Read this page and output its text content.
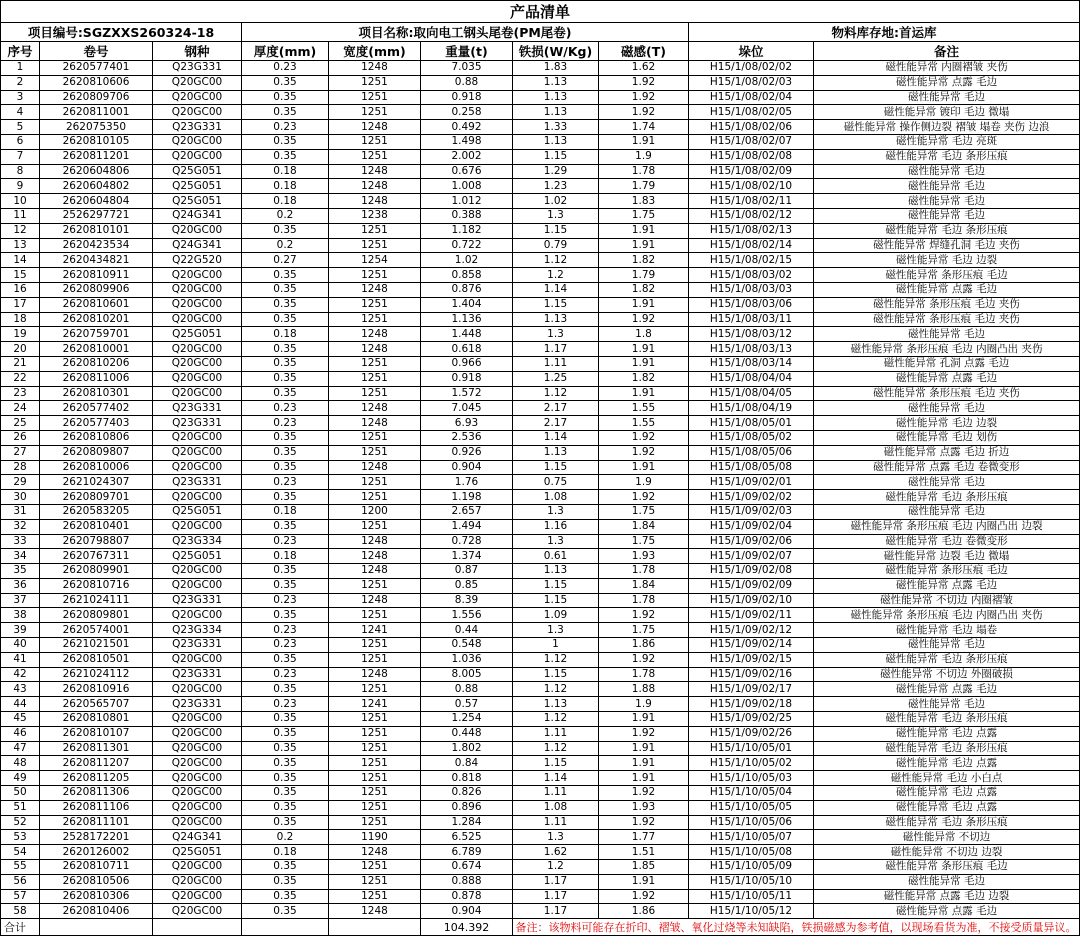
产品清单									
项目编号:SGZXXS260324-18			项目名称:取向电工钢头尾卷(PM尾卷)					物料库存地:首运库	
序号	卷号	钢种	厚度(mm)	宽度(mm)	重量(t)	铁损(W/Kg)	磁感(T)	垛位	备注
1	2620577401	Q23G331	0.23	1248	7.035	1.83	1.62	H15/1/08/02/02	磁性能异常 内圈褶皱 夹伤
2	2620810606	Q20GC00	0.35	1251	0.88	1.13	1.92	H15/1/08/02/03	磁性能异常 点露 毛边
3	2620809706	Q20GC00	0.35	1251	0.918	1.13	1.92	H15/1/08/02/04	磁性能异常 毛边
4	2620811001	Q20GC00	0.35	1251	0.258	1.13	1.92	H15/1/08/02/05	磁性能异常 镀印 毛边 微塌
5	262075350	Q23G331	0.23	1248	0.492	1.33	1.74	H15/1/08/02/06	磁性能异常 操作侧边裂 褶皱 塌卷 夹伤 边浪
6	2620810105	Q20GC00	0.35	1251	1.498	1.13	1.91	H15/1/08/02/07	磁性能异常 毛边 亮斑
7	2620811201	Q20GC00	0.35	1251	2.002	1.15	1.9	H15/1/08/02/08	磁性能异常 毛边 条形压痕
8	2620604806	Q25G051	0.18	1248	0.676	1.29	1.78	H15/1/08/02/09	磁性能异常 毛边
9	2620604802	Q25G051	0.18	1248	1.008	1.23	1.79	H15/1/08/02/10	磁性能异常 毛边
10	2620604804	Q25G051	0.18	1248	1.012	1.02	1.83	H15/1/08/02/11	磁性能异常 毛边
11	2526297721	Q24G341	0.2	1238	0.388	1.3	1.75	H15/1/08/02/12	磁性能异常 毛边
12	2620810101	Q20GC00	0.35	1251	1.182	1.15	1.91	H15/1/08/02/13	磁性能异常 毛边 条形压痕
13	2620423534	Q24G341	0.2	1251	0.722	0.79	1.91	H15/1/08/02/14	磁性能异常 焊缝孔洞 毛边 夹伤
14	2620434821	Q22G520	0.27	1254	1.02	1.12	1.82	H15/1/08/02/15	磁性能异常 毛边 边裂
15	2620810911	Q20GC00	0.35	1251	0.858	1.2	1.79	H15/1/08/03/02	磁性能异常 条形压痕 毛边
16	2620809906	Q20GC00	0.35	1248	0.876	1.14	1.82	H15/1/08/03/03	磁性能异常 点露 毛边
17	2620810601	Q20GC00	0.35	1251	1.404	1.15	1.91	H15/1/08/03/06	磁性能异常 条形压痕 毛边 夹伤
18	2620810201	Q20GC00	0.35	1251	1.136	1.13	1.92	H15/1/08/03/11	磁性能异常 条形压痕 毛边 夹伤
19	2620759701	Q25G051	0.18	1248	1.448	1.3	1.8	H15/1/08/03/12	磁性能异常 毛边
20	2620810001	Q20GC00	0.35	1248	0.618	1.17	1.91	H15/1/08/03/13	磁性能异常 条形压痕 毛边 内圈凸出 夹伤
21	2620810206	Q20GC00	0.35	1251	0.966	1.11	1.91	H15/1/08/03/14	磁性能异常 孔洞 点露 毛边
22	2620811006	Q20GC00	0.35	1251	0.918	1.25	1.82	H15/1/08/04/04	磁性能异常 点露 毛边
23	2620810301	Q20GC00	0.35	1251	1.572	1.12	1.91	H15/1/08/04/05	磁性能异常 条形压痕 毛边 夹伤
24	2620577402	Q23G331	0.23	1248	7.045	2.17	1.55	H15/1/08/04/19	磁性能异常 毛边
25	2620577403	Q23G331	0.23	1248	6.93	2.17	1.55	H15/1/08/05/01	磁性能异常 毛边 边裂
26	2620810806	Q20GC00	0.35	1251	2.536	1.14	1.92	H15/1/08/05/02	磁性能异常 毛边 划伤
27	2620809807	Q20GC00	0.35	1251	0.926	1.13	1.92	H15/1/08/05/06	磁性能异常 点露 毛边 折边
28	2620810006	Q20GC00	0.35	1248	0.904	1.15	1.91	H15/1/08/05/08	磁性能异常 点露 毛边 卷微变形
29	2621024307	Q23G331	0.23	1251	1.76	0.75	1.9	H15/1/09/02/01	磁性能异常 毛边
30	2620809701	Q20GC00	0.35	1251	1.198	1.08	1.92	H15/1/09/02/02	磁性能异常 毛边 条形压痕
31	2620583205	Q25G051	0.18	1200	2.657	1.3	1.75	H15/1/09/02/03	磁性能异常 毛边
32	2620810401	Q20GC00	0.35	1251	1.494	1.16	1.84	H15/1/09/02/04	磁性能异常 条形压痕 毛边 内圈凸出 边裂
33	2620798807	Q23G334	0.23	1248	0.728	1.3	1.75	H15/1/09/02/06	磁性能异常 毛边 卷微变形
34	2620767311	Q25G051	0.18	1248	1.374	0.61	1.93	H15/1/09/02/07	磁性能异常 边裂 毛边 微塌
35	2620809901	Q20GC00	0.35	1248	0.87	1.13	1.78	H15/1/09/02/08	磁性能异常 条形压痕 毛边
36	2620810716	Q20GC00	0.35	1251	0.85	1.15	1.84	H15/1/09/02/09	磁性能异常 点露 毛边
37	2621024111	Q23G331	0.23	1248	8.39	1.15	1.78	H15/1/09/02/10	磁性能异常 不切边 内圈褶皱
38	2620809801	Q20GC00	0.35	1251	1.556	1.09	1.92	H15/1/09/02/11	磁性能异常 条形压痕 毛边 内圈凸出 夹伤
39	2620574001	Q23G334	0.23	1241	0.44	1.3	1.75	H15/1/09/02/12	磁性能异常 毛边 塌卷
40	2621021501	Q23G331	0.23	1251	0.548	1	1.86	H15/1/09/02/14	磁性能异常 毛边
41	2620810501	Q20GC00	0.35	1251	1.036	1.12	1.92	H15/1/09/02/15	磁性能异常 毛边 条形压痕
42	2621024112	Q23G331	0.23	1248	8.005	1.15	1.78	H15/1/09/02/16	磁性能异常 不切边 外圈破损
43	2620810916	Q20GC00	0.35	1251	0.88	1.12	1.88	H15/1/09/02/17	磁性能异常 点露 毛边
44	2620565707	Q23G331	0.23	1241	0.57	1.13	1.9	H15/1/09/02/18	磁性能异常 毛边
45	2620810801	Q20GC00	0.35	1251	1.254	1.12	1.91	H15/1/09/02/25	磁性能异常 毛边 条形压痕
46	2620810107	Q20GC00	0.35	1251	0.448	1.11	1.92	H15/1/09/02/26	磁性能异常 毛边 点露
47	2620811301	Q20GC00	0.35	1251	1.802	1.12	1.91	H15/1/10/05/01	磁性能异常 毛边 条形压痕
48	2620811207	Q20GC00	0.35	1251	0.84	1.15	1.91	H15/1/10/05/02	磁性能异常 毛边 点露
49	2620811205	Q20GC00	0.35	1251	0.818	1.14	1.91	H15/1/10/05/03	磁性能异常 毛边 小白点
50	2620811306	Q20GC00	0.35	1251	0.826	1.11	1.92	H15/1/10/05/04	磁性能异常 毛边 点露
51	2620811106	Q20GC00	0.35	1251	0.896	1.08	1.93	H15/1/10/05/05	磁性能异常 毛边 点露
52	2620811101	Q20GC00	0.35	1251	1.284	1.11	1.92	H15/1/10/05/06	磁性能异常 毛边 条形压痕
53	2528172201	Q24G341	0.2	1190	6.525	1.3	1.77	H15/1/10/05/07	磁性能异常 不切边
54	2620126002	Q25G051	0.18	1248	6.789	1.62	1.51	H15/1/10/05/08	磁性能异常 不切边 边裂
55	2620810711	Q20GC00	0.35	1251	0.674	1.2	1.85	H15/1/10/05/09	磁性能异常 条形压痕 毛边
56	2620810506	Q20GC00	0.35	1251	0.888	1.17	1.91	H15/1/10/05/10	磁性能异常 毛边
57	2620810306	Q20GC00	0.35	1251	0.878	1.17	1.92	H15/1/10/05/11	磁性能异常 点露 毛边 边裂
58	2620810406	Q20GC00	0.35	1248	0.904	1.17	1.86	H15/1/10/05/12	磁性能异常 点露 毛边
合计					104.392	备注：该物料可能存在折印、褶皱、氧化过烧等未知缺陷，铁损磁感为参考值，以现场看货为准，不接受质量异议。			
